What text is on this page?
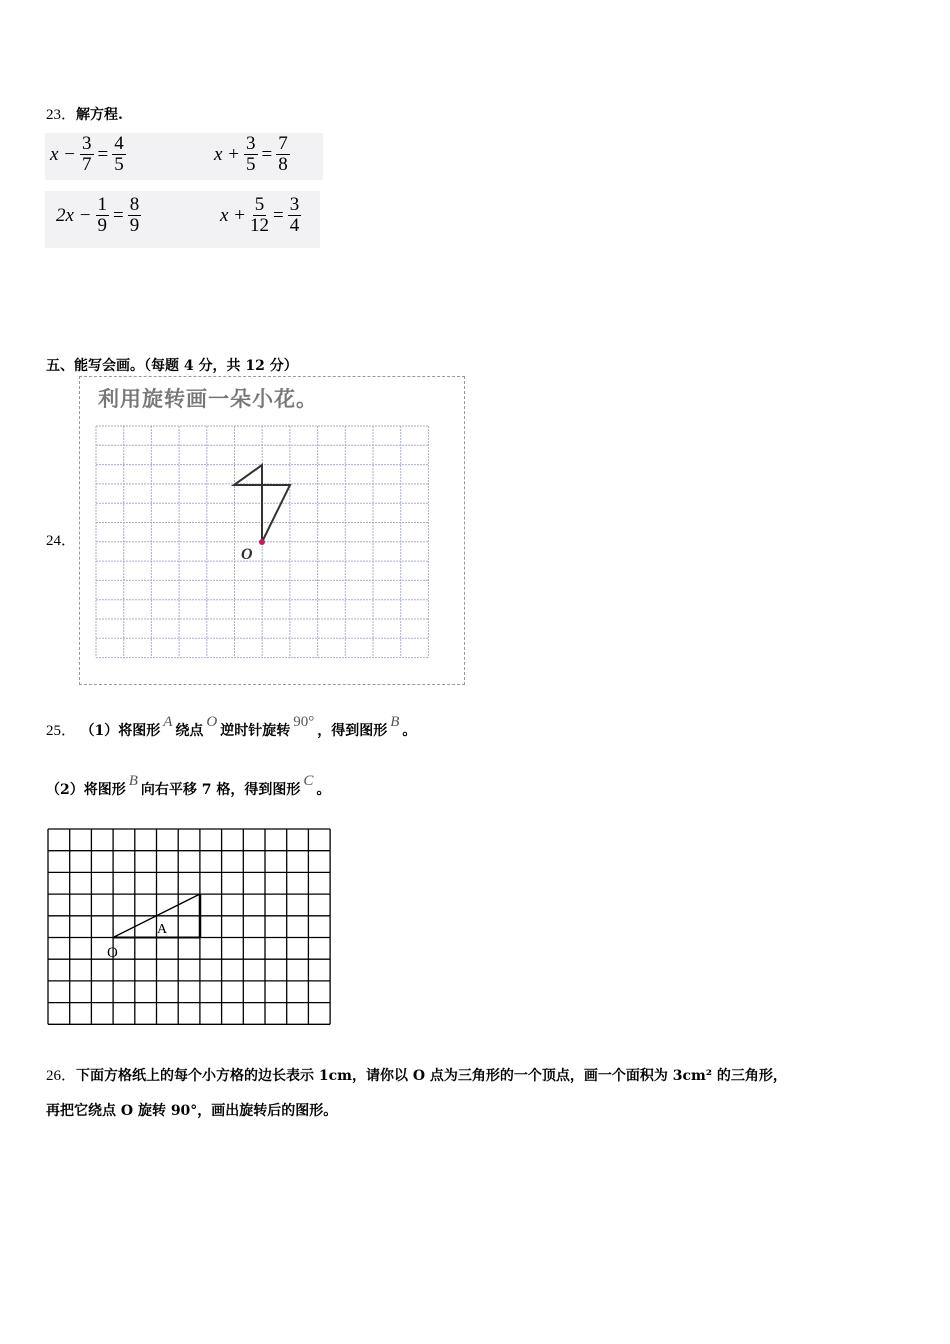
23．解方程.
$x - \frac{3}{7} = \frac{4}{5}$	$x + \frac{3}{5} = \frac{7}{8}$
$2x - \frac{1}{9} = \frac{8}{9}$	$x + \frac{5}{12} = \frac{3}{4}$
五、能写会画。（每题 4 分，共 12 分）
24．
利用旋转画一朵小花。
O
25． （1）将图形A绕点O逆时针旋转90°，得到图形B。
（2）将图形B向右平移 7 格，得到图形C。
A
O
26．下面方格纸上的每个小方格的边长表示 1cm，请你以 O 点为三角形的一个顶点，画一个面积为 3cm² 的三角形，
再把它绕点 O 旋转 90°，画出旋转后的图形。
